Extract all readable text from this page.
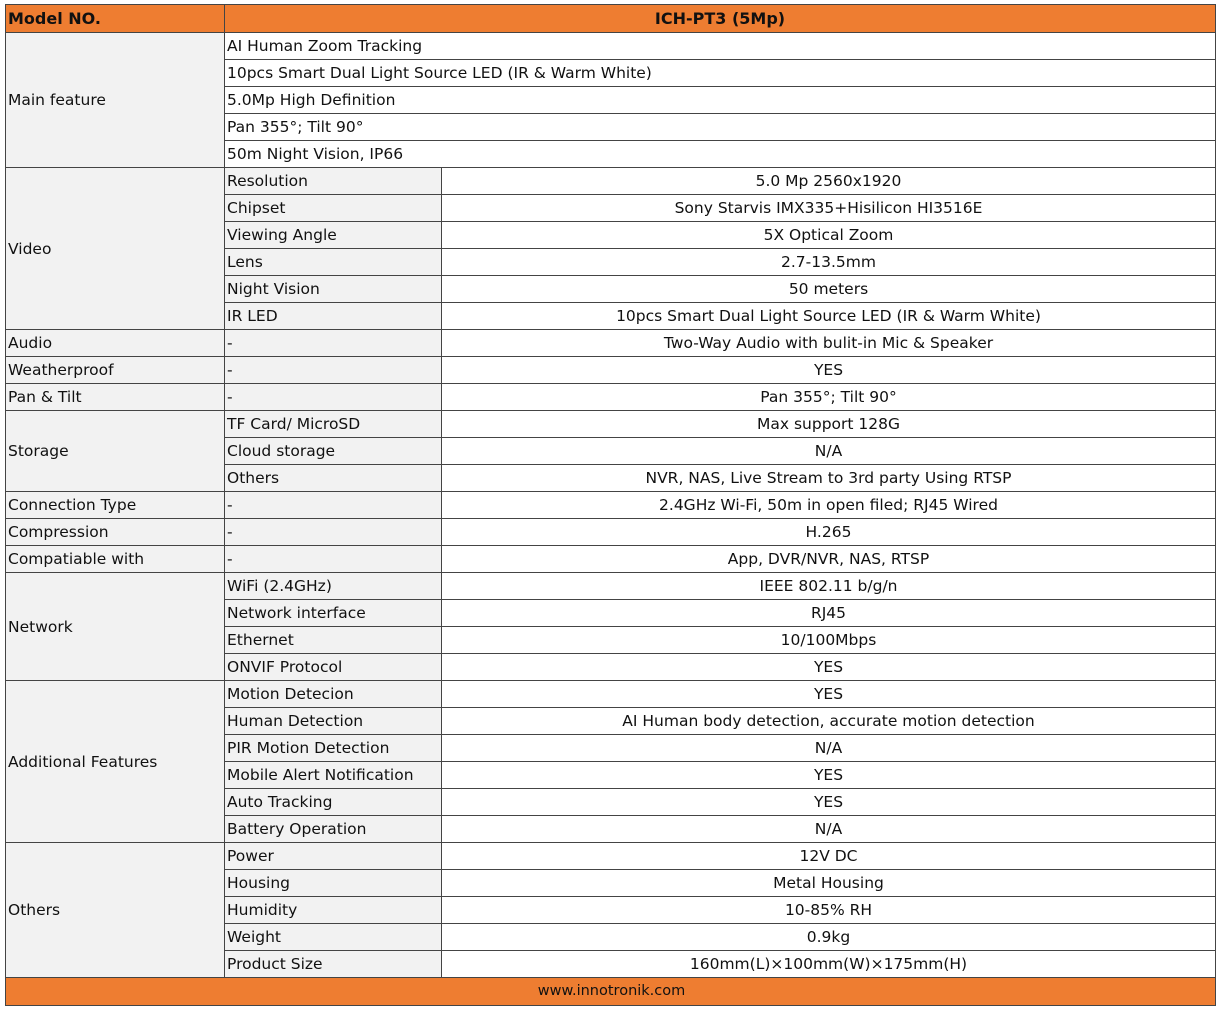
Model NO.	ICH-PT3 (5Mp)	
Main feature	AI Human Zoom Tracking	
	10pcs Smart Dual Light Source LED (IR & Warm White)	
	5.0Mp High Definition	
	Pan 355°; Tilt 90°	
	50m Night Vision, IP66	
Video	Resolution	5.0 Mp 2560x1920
	Chipset	Sony Starvis IMX335+Hisilicon HI3516E
	Viewing Angle	5X Optical Zoom
	Lens	2.7-13.5mm
	Night Vision	50 meters
	IR LED	10pcs Smart Dual Light Source LED (IR & Warm White)
Audio	-	Two-Way Audio with bulit-in Mic & Speaker
Weatherproof	-	YES
Pan & Tilt	-	Pan 355°; Tilt 90°
Storage	TF Card/ MicroSD	Max support 128G
	Cloud storage	N/A
	Others	NVR, NAS, Live Stream to 3rd party Using RTSP
Connection Type	-	2.4GHz Wi-Fi, 50m in open filed; RJ45 Wired
Compression	-	H.265
Compatiable with	-	App, DVR/NVR, NAS, RTSP
Network	WiFi (2.4GHz)	IEEE 802.11 b/g/n
	Network interface	RJ45
	Ethernet	10/100Mbps
	ONVIF Protocol	YES
Additional Features	Motion Detecion	YES
	Human Detection	AI Human body detection, accurate motion detection
	PIR Motion Detection	N/A
	Mobile Alert Notification	YES
	Auto Tracking	YES
	Battery Operation	N/A
Others	Power	12V DC
	Housing	Metal Housing
	Humidity	10-85% RH
	Weight	0.9kg
	Product Size	160mm(L)×100mm(W)×175mm(H)
www.innotronik.com		
